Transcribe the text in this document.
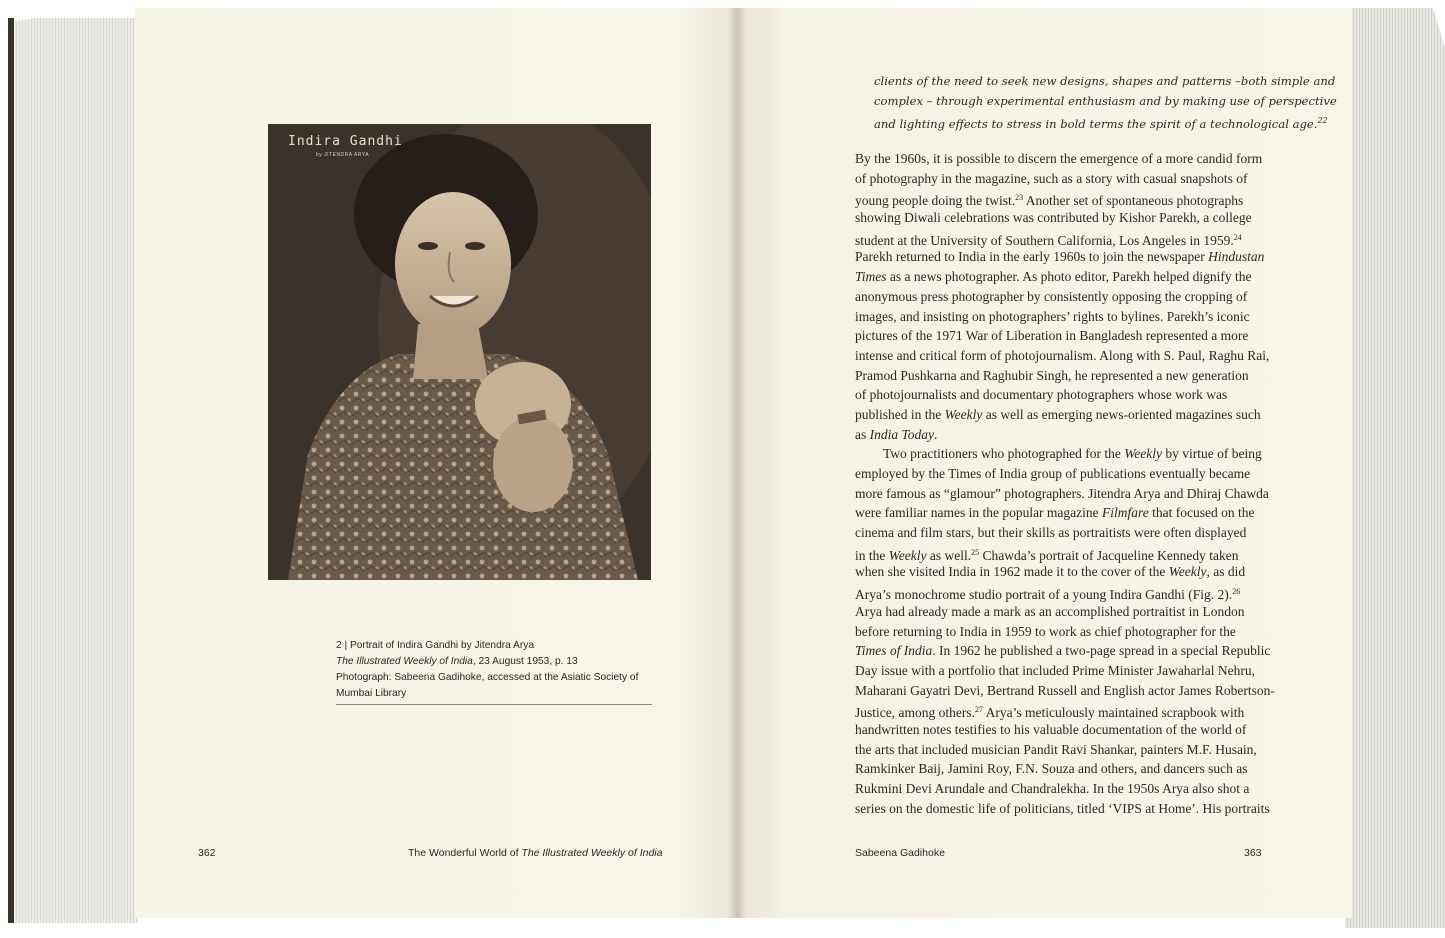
Indira Gandhi
by JITENDRA ARYA
2 | Portrait of Indira Gandhi by Jitendra Arya
The Illustrated Weekly of India, 23 August 1953, p. 13
Photograph: Sabeena Gadihoke, accessed at the Asiatic Society of
Mumbai Library
362	The Wonderful World of The Illustrated Weekly of India	Sabeena Gadihoke	363
clients of the need to seek new designs, shapes and patterns –both simple and
complex – through experimental enthusiasm and by making use of perspective
and lighting effects to stress in bold terms the spirit of a technological age.$^{22}$
By the 1960s, it is possible to discern the emergence of a more candid form
of photography in the magazine, such as a story with casual snapshots of
young people doing the twist.$^{23}$ Another set of spontaneous photographs
showing Diwali celebrations was contributed by Kishor Parekh, a college
student at the University of Southern California, Los Angeles in 1959.24
Parekh returned to India in the early 1960s to join the newspaper Hindustan
Times as a news photographer. As photo editor, Parekh helped dignify the
anonymous press photographer by consistently opposing the cropping of
images, and insisting on photographers’ rights to bylines. Parekh’s iconic
pictures of the 1971 War of Liberation in Bangladesh represented a more
intense and critical form of photojournalism. Along with S. Paul, Raghu Rai,
Pramod Pushkarna and Raghubir Singh, he represented a new generation
of photojournalists and documentary photographers whose work was
published in the Weekly as well as emerging news-oriented magazines such
as India Today.
Two practitioners who photographed for the Weekly by virtue of being
employed by the Times of India group of publications eventually became
more famous as “glamour” photographers. Jitendra Arya and Dhiraj Chawda
were familiar names in the popular magazine Filmfare that focused on the
cinema and film stars, but their skills as portraitists were often displayed
in the Weekly as well.$^{25}$ Chawda’s portrait of Jacqueline Kennedy taken
when she visited India in 1962 made it to the cover of the Weekly, as did
Arya’s monochrome studio portrait of a young Indira Gandhi (Fig. 2).$^{26}$
Arya had already made a mark as an accomplished portraitist in London
before returning to India in 1959 to work as chief photographer for the
Times of India. In 1962 he published a two-page spread in a special Republic
Day issue with a portfolio that included Prime Minister Jawaharlal Nehru,
Maharani Gayatri Devi, Bertrand Russell and English actor James Robertson-
Justice, among others.$^{27}$ Arya’s meticulously maintained scrapbook with
handwritten notes testifies to his valuable documentation of the world of
the arts that included musician Pandit Ravi Shankar, painters M.F. Husain,
Ramkinker Baij, Jamini Roy, F.N. Souza and others, and dancers such as
Rukmini Devi Arundale and Chandralekha. In the 1950s Arya also shot a
series on the domestic life of politicians, titled ‘VIPS at Home’. His portraits
